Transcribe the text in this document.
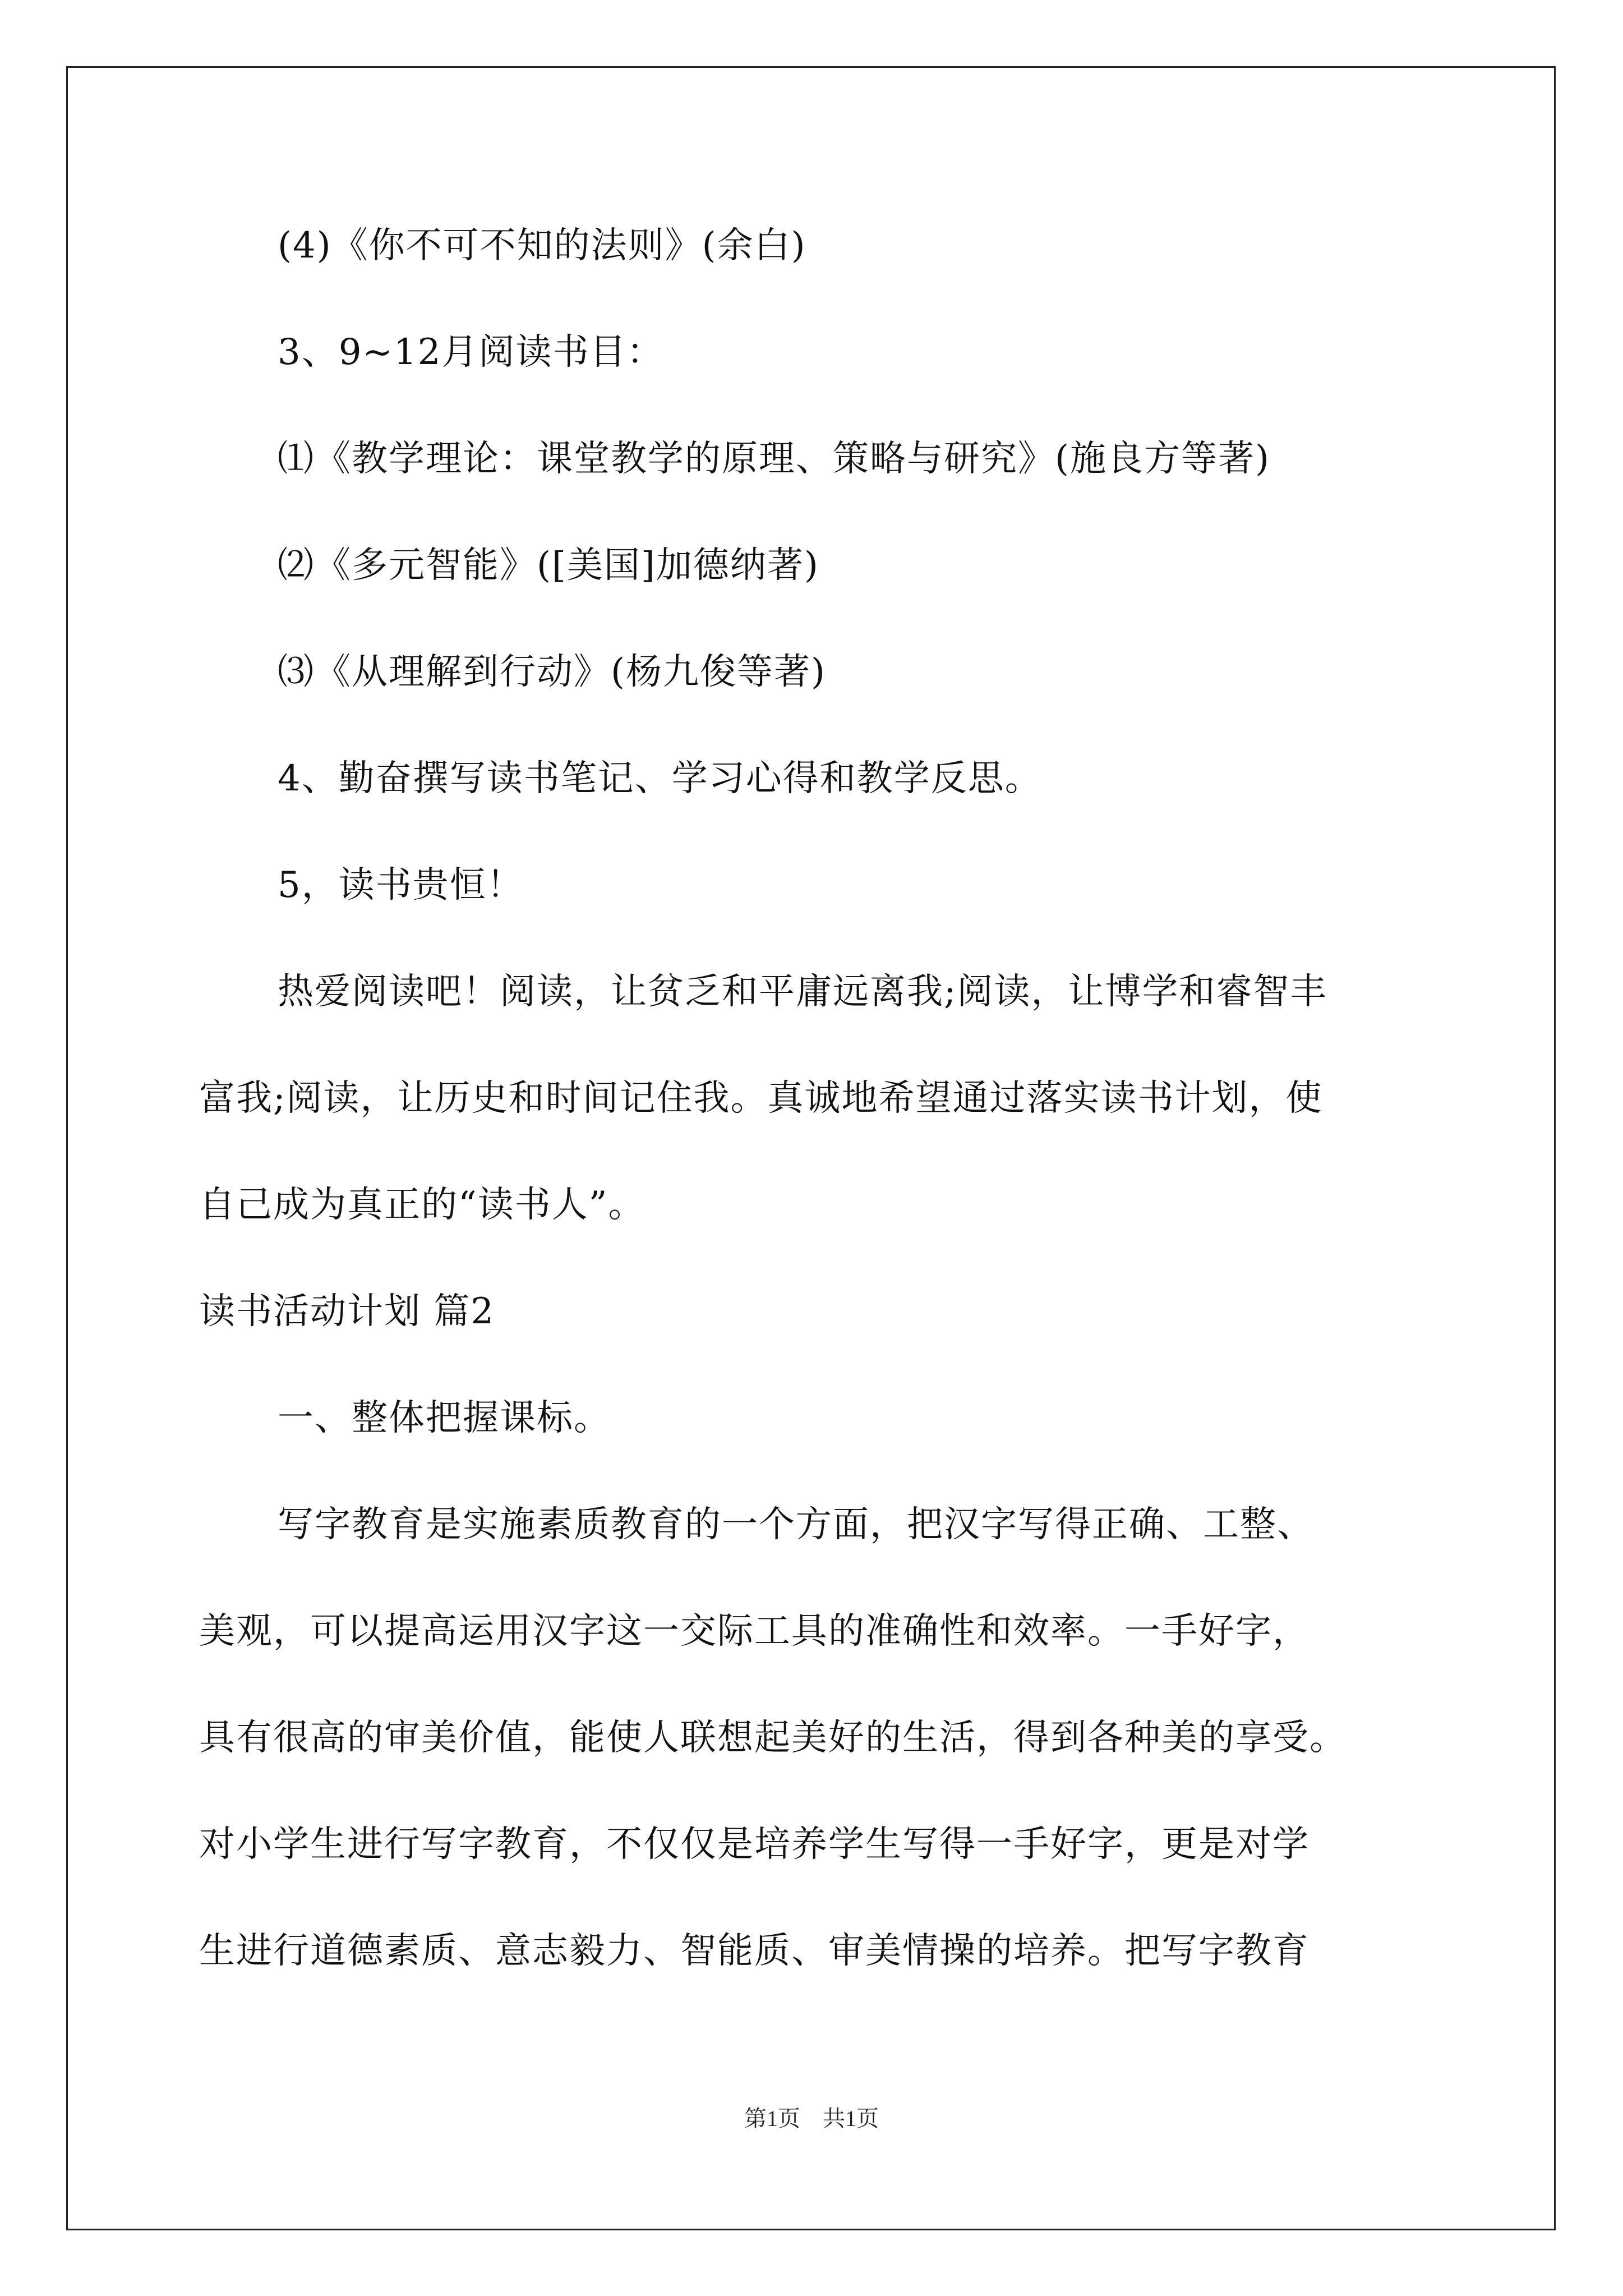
(4)《你不可不知的法则》(余白)
3、9~12月阅读书目：
⑴《教学理论：课堂教学的原理、策略与研究》(施良方等著)
⑵《多元智能》([美国]加德纳著)
⑶《从理解到行动》(杨九俊等著)
4、勤奋撰写读书笔记、学习心得和教学反思。
5，读书贵恒！
热爱阅读吧！阅读，让贫乏和平庸远离我;阅读，让博学和睿智丰
富我;阅读，让历史和时间记住我。真诚地希望通过落实读书计划，使
自己成为真正的“读书人”。
读书活动计划 篇2
一、整体把握课标。
写字教育是实施素质教育的一个方面，把汉字写得正确、工整、
美观，可以提高运用汉字这一交际工具的准确性和效率。一手好字，
具有很高的审美价值，能使人联想起美好的生活，得到各种美的享受。
对小学生进行写字教育，不仅仅是培养学生写得一手好字，更是对学
生进行道德素质、意志毅力、智能质、审美情操的培养。把写字教育
第1页　共1页
